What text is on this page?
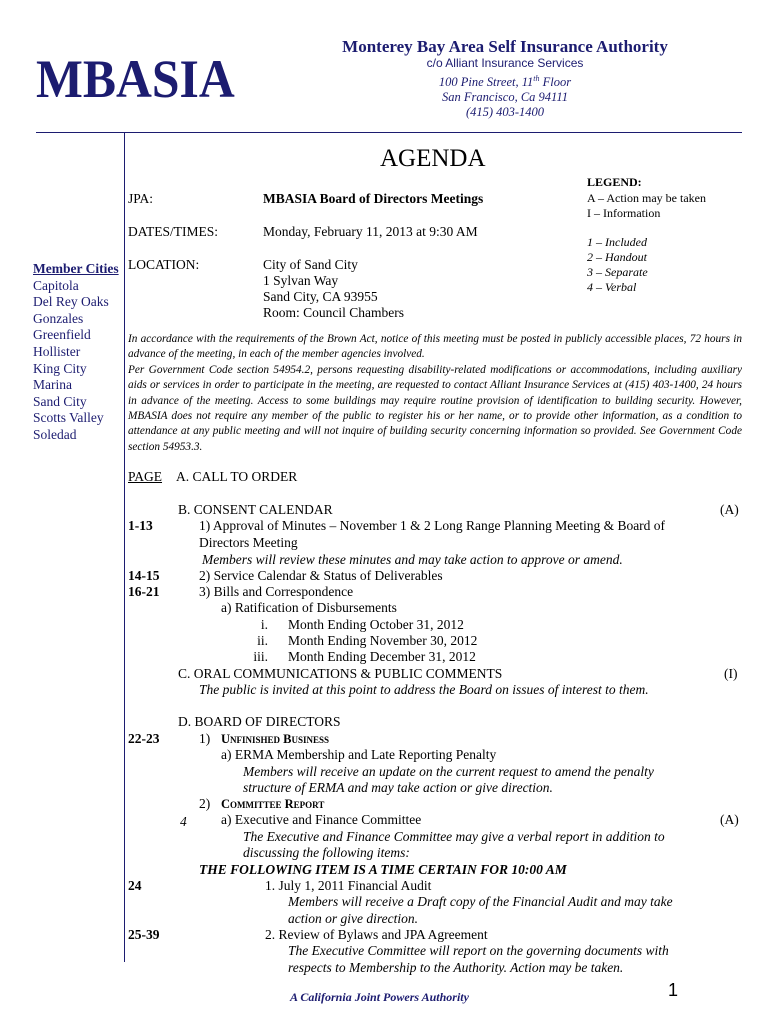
MBASIA
Monterey Bay Area Self Insurance Authority
c/o Alliant Insurance Services
100 Pine Street, 11th Floor
San Francisco, Ca 94111
(415) 403-1400
AGENDA
JPA:	MBASIA Board of Directors Meetings
DATES/TIMES:	Monday, February 11, 2013 at 9:30 AM
LOCATION:	City of Sand City
1 Sylvan Way
Sand City, CA 93955
Room: Council Chambers
LEGEND:
A – Action may be taken
I – Information
1 – Included
2 – Handout
3 – Separate
4 – Verbal
Member Cities
Capitola
Del Rey Oaks
Gonzales
Greenfield
Hollister
King City
Marina
Sand City
Scotts Valley
Soledad

In accordance with the requirements of the Brown Act, notice of this meeting must be posted in publicly accessible places, 72 hours in advance of the meeting, in each of the member agencies involved.

Per Government Code section 54954.2, persons requesting disability-related modifications or accommodations, including auxiliary aids or services in order to participate in the meeting, are requested to contact Alliant Insurance Services at (415) 403-1400, 24 hours in advance of the meeting. Access to some buildings may require routine provision of identification to building security. However, MBASIA does not require any member of the public to register his or her name, or to provide other information, as a condition to attendance at any public meeting and will not inquire of building security concerning information so provided. See Government Code section 54953.3.

PAGE A. CALL TO ORDER
B. CONSENT CALENDAR	(A)
1-13	1) Approval of Minutes – November 1 & 2 Long Range Planning Meeting & Board of
Directors Meeting
Members will review these minutes and may take action to approve or amend.
14-15	2) Service Calendar & Status of Deliverables
16-21	3) Bills and Correspondence
a) Ratification of Disbursements
i. Month Ending October 31, 2012
ii. Month Ending November 30, 2012
iii. Month Ending December 31, 2012
C. ORAL COMMUNICATIONS & PUBLIC COMMENTS	(I)
The public is invited at this point to address the Board on issues of interest to them.
D. BOARD OF DIRECTORS
22-23	1) Unfinished Business
a) ERMA Membership and Late Reporting Penalty
Members will receive an update on the current request to amend the penalty
structure of ERMA and may take action or give direction.
2) Committee Report
4	a) Executive and Finance Committee	(A)
The Executive and Finance Committee may give a verbal report in addition to
discussing the following items:
THE FOLLOWING ITEM IS A TIME CERTAIN FOR 10:00 AM
24	1. July 1, 2011 Financial Audit
Members will receive a Draft copy of the Financial Audit and may take
action or give direction.
25-39	2. Review of Bylaws and JPA Agreement
The Executive Committee will report on the governing documents with
respects to Membership to the Authority. Action may be taken.
A California Joint Powers Authority	1
